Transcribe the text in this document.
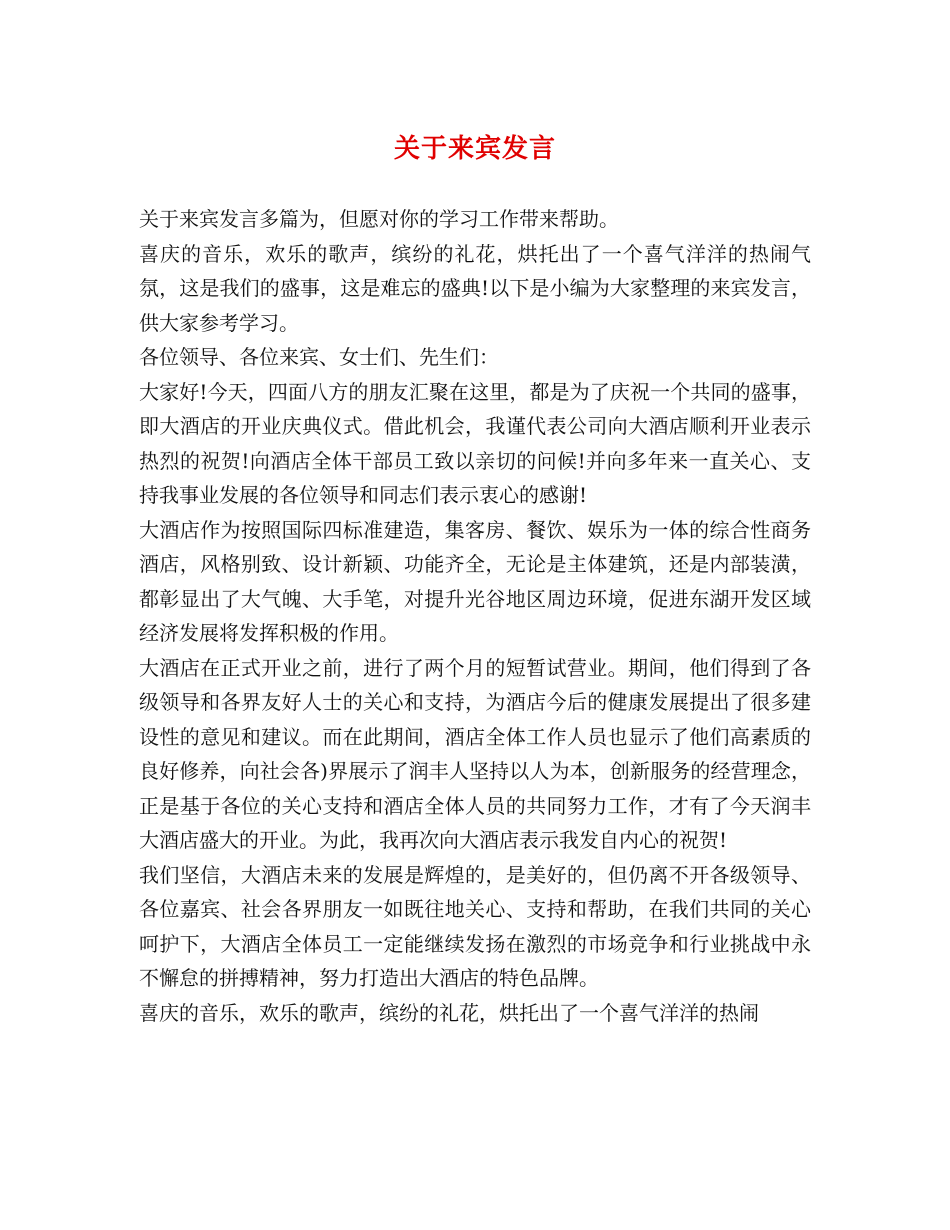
关于来宾发言

关于来宾发言多篇为，但愿对你的学习工作带来帮助。

喜庆的音乐，欢乐的歌声，缤纷的礼花，烘托出了一个喜气洋洋的热闹气氛，这是我们的盛事，这是难忘的盛典!以下是小编为大家整理的来宾发言，供大家参考学习。

各位领导、各位来宾、女士们、先生们：

大家好!今天，四面八方的朋友汇聚在这里，都是为了庆祝一个共同的盛事，即大酒店的开业庆典仪式。借此机会，我谨代表公司向大酒店顺利开业表示热烈的祝贺!向酒店全体干部员工致以亲切的问候!并向多年来一直关心、支持我事业发展的各位领导和同志们表示衷心的感谢!

大酒店作为按照国际四标准建造，集客房、餐饮、娱乐为一体的综合性商务酒店，风格别致、设计新颖、功能齐全，无论是主体建筑，还是内部装潢，都彰显出了大气魄、大手笔，对提升光谷地区周边环境，促进东湖开发区域经济发展将发挥积极的作用。

大酒店在正式开业之前，进行了两个月的短暂试营业。期间，他们得到了各级领导和各界友好人士的关心和支持，为酒店今后的健康发展提出了很多建设性的意见和建议。而在此期间，酒店全体工作人员也显示了他们高素质的良好修养，向社会各)界展示了润丰人坚持以人为本，创新服务的经营理念，正是基于各位的关心支持和酒店全体人员的共同努力工作，才有了今天润丰大酒店盛大的开业。为此，我再次向大酒店表示我发自内心的祝贺!

我们坚信，大酒店未来的发展是辉煌的，是美好的，但仍离不开各级领导、各位嘉宾、社会各界朋友一如既往地关心、支持和帮助，在我们共同的关心呵护下，大酒店全体员工一定能继续发扬在激烈的市场竞争和行业挑战中永不懈怠的拼搏精神，努力打造出大酒店的特色品牌。

喜庆的音乐，欢乐的歌声，缤纷的礼花，烘托出了一个喜气洋洋的热闹
